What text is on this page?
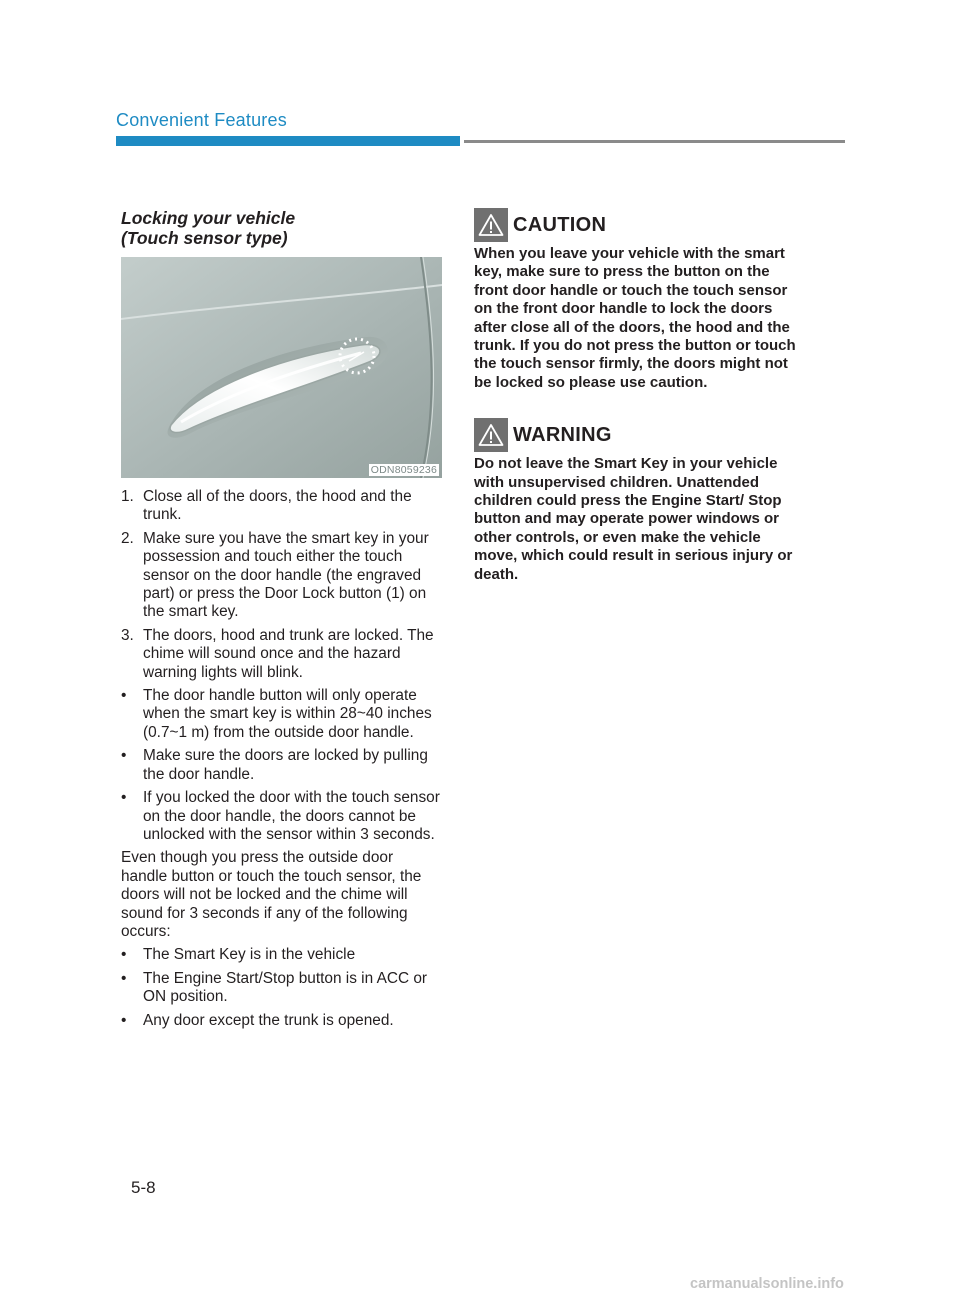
Convenient Features
Locking your vehicle
(Touch sensor type)
ODN8059236
1. Close all of the doors, the hood and the trunk.
2. Make sure you have the smart key in your possession and touch either the touch sensor on the door handle (the engraved part) or press the Door Lock button (1) on the smart key.
3. The doors, hood and trunk are locked. The chime will sound once and the hazard warning lights will blink.
•	The door handle button will only operate when the smart key is within 28~40 inches (0.7~1 m) from the outside door handle.
•	Make sure the doors are locked by pulling the door handle.
•	If you locked the door with the touch sensor on the door handle, the doors cannot be unlocked with the sensor within 3 seconds.

Even though you press the outside door handle button or touch the touch sensor, the doors will not be locked and the chime will sound for 3 seconds if any of the following occurs:

•	The Smart Key is in the vehicle
•	The Engine Start/Stop button is in ACC or ON position.
•	Any door except the trunk is opened.
CAUTION

When you leave your vehicle with the smart key, make sure to press the button on the front door handle or touch the touch sensor on the front door handle to lock the doors after close all of the doors, the hood and the trunk. If you do not press the button or touch the touch sensor firmly, the doors might not be locked so please use caution.

WARNING

Do not leave the Smart Key in your vehicle with unsupervised children. Unattended children could press the Engine Start/ Stop button and may operate power windows or other controls, or even make the vehicle move, which could result in serious injury or death.

5-8
carmanualsonline.info
